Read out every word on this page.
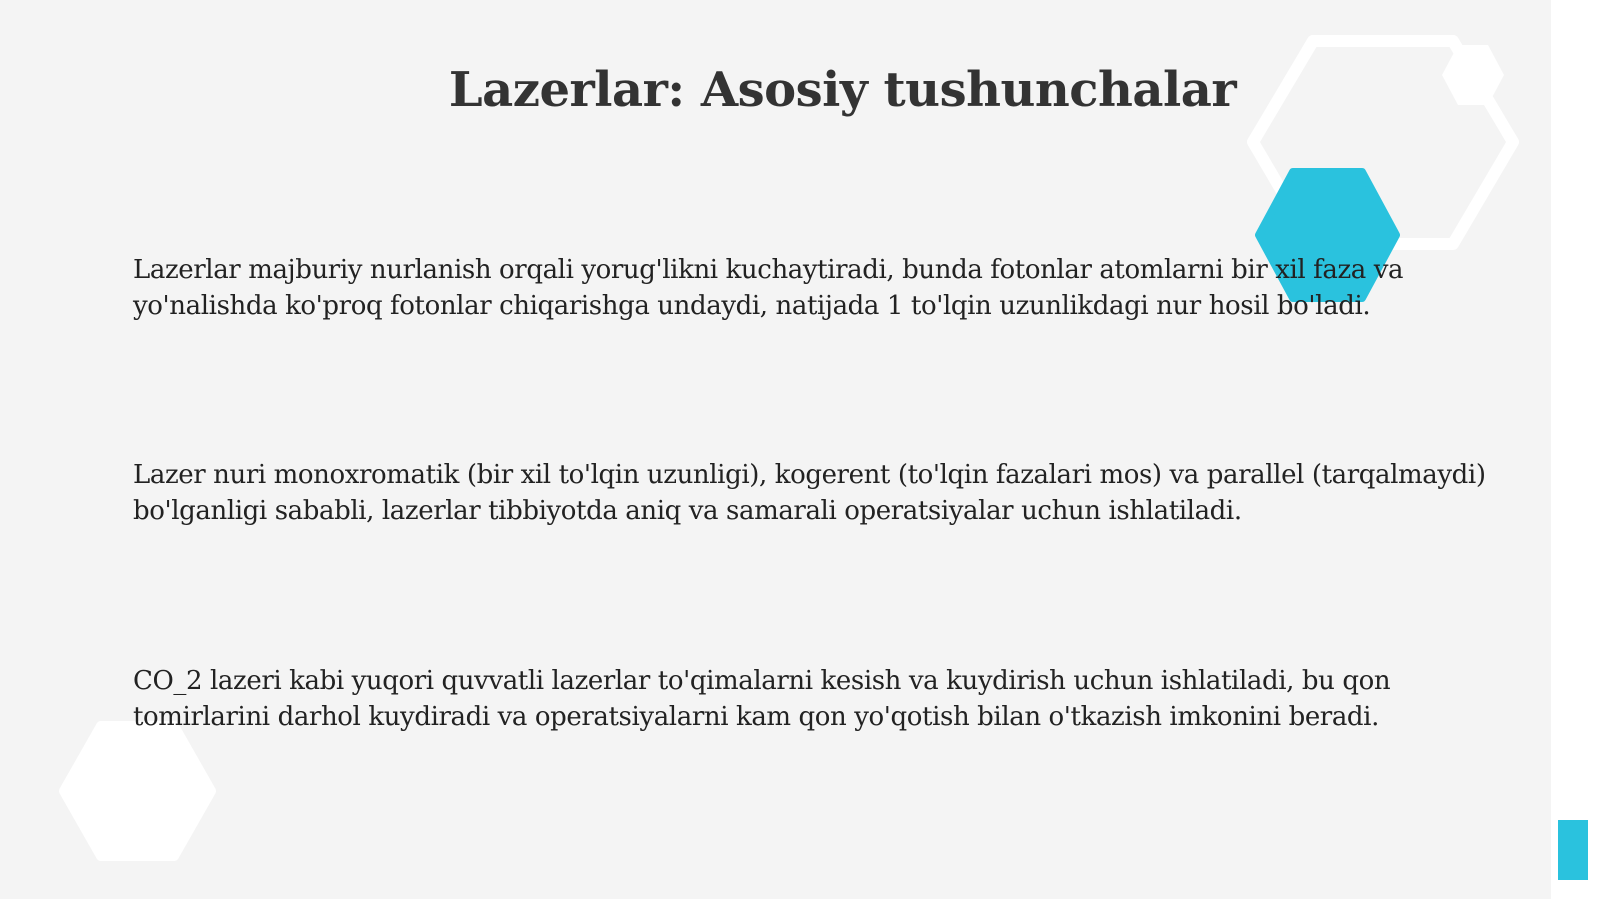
Lazerlar: Asosiy tushunchalar

Lazerlar majburiy nurlanish orqali yorug'likni kuchaytiradi, bunda fotonlar atomlarni bir xil faza va yo'nalishda ko'proq fotonlar chiqarishga undaydi, natijada 1 to'lqin uzunlikdagi nur hosil bo'ladi.

Lazer nuri monoxromatik (bir xil to'lqin uzunligi), kogerent (to'lqin fazalari mos) va parallel (tarqalmaydi) bo'lganligi sababli, lazerlar tibbiyotda aniq va samarali operatsiyalar uchun ishlatiladi.

CO_2 lazeri kabi yuqori quvvatli lazerlar to'qimalarni kesish va kuydirish uchun ishlatiladi, bu qon tomirlarini darhol kuydiradi va operatsiyalarni kam qon yo'qotish bilan o'tkazish imkonini beradi.
